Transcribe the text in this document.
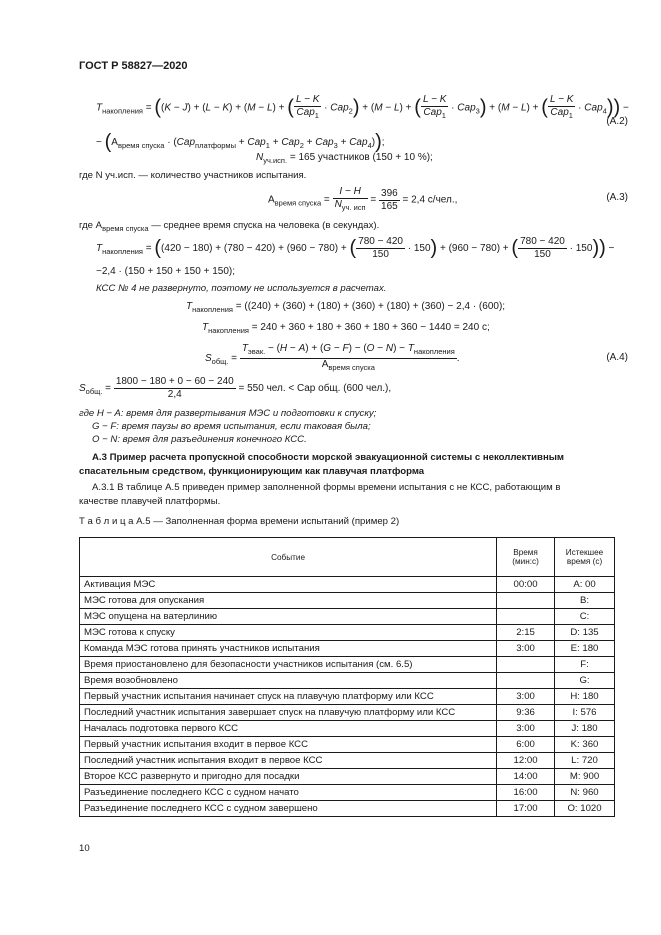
ГОСТ Р 58827—2020
$T_{накопления} = ((K - J) + (L - K) + (M - L)$ + ( $\frac{L - K}{Cap_1} \cdot Cap_2) + (M - L)$ + ( $\frac{L - K}{Cap_1} \cdot Cap_3) + (M - L)$ + ( $\frac{L - K}{Cap_1} \cdot Cap_4$)) −
(A.2)
− $(A_{время спуска} \cdot (Cap_{платформы} + Cap_1 + Cap_2 + Cap_3 + Cap_4))$;
$N_{уч.исп.} = 165$ участников (150 + 10 %);
где N уч.исп. — количество участников испытания.
$A_{время спуска} = \frac{I - H}{N_{уч. исп}} = \frac{396}{165} = 2,4$ с/чел.,	(A.3)
где $A_{время спуска}$ — среднее время спуска на человека (в секундах).
$T_{накопления} = ((420 - 180) + (780 - 420) + (960 - 780)$ + ( $\frac{780 - 420}{150} \cdot 150) + (960 - 780)$ + ( $\frac{780 - 420}{150} \cdot 150$)) −
−2,4 · (150 + 150 + 150 + 150);
КСС № 4 не развернуто, поэтому не используется в расчетах.
$T_{накопления} = ((240) + (360) + (180) + (360) + (180) + (360) - 2,4 \cdot (600)$;
$T_{накопления} = 240 + 360 + 180 + 360 + 180 + 360 - 1440 = 240$ с;
$S_{общ.} = \frac{T_{эвак.} - (H - A) + (G - F) - (O - N) - T_{накопления}}{A_{время спуска}}$ .	(A.4)
$S_{общ.} = \frac{1800 - 180 + 0 - 60 - 240}{2,4} = 550$ чел. < Cap общ. (600 чел.),
где H − A: время для развертывания МЭС и подготовки к спуску;
G − F: время паузы во время испытания, если таковая была;
O − N: время для разъединения конечного КСС.
A.3 Пример расчета пропускной способности морской эвакуационной системы с неколлективным
спасательным средством, функционирующим как плавучая платформа
A.3.1 В таблице A.5 приведен пример заполненной формы времени испытания с не КСС, работающим в
качестве плавучей платформы.
Т а б л и ц а A.5 — Заполненная форма времени испытаний (пример 2)
Событие	Время (мин:с)	Истекшее время (с)
Активация МЭС	00:00	A: 00
МЭС готова для опускания		B:
МЭС опущена на ватерлинию		C:
МЭС готова к спуску	2:15	D: 135
Команда МЭС готова принять участников испытания	3:00	E: 180
Время приостановлено для безопасности участников испытания (см. 6.5)		F:
Время возобновлено		G:
Первый участник испытания начинает спуск на плавучую платформу или КСС	3:00	H: 180
Последний участник испытания завершает спуск на плавучую платформу или КСС	9:36	I: 576
Началась подготовка первого КСС	3:00	J: 180
Первый участник испытания входит в первое КСС	6:00	K: 360
Последний участник испытания входит в первое КСС	12:00	L: 720
Второе КСС развернуто и пригодно для посадки	14:00	M: 900
Разъединение последнего КСС с судном начато	16:00	N: 960
Разъединение последнего КСС с судном завершено	17:00	O: 1020
10
